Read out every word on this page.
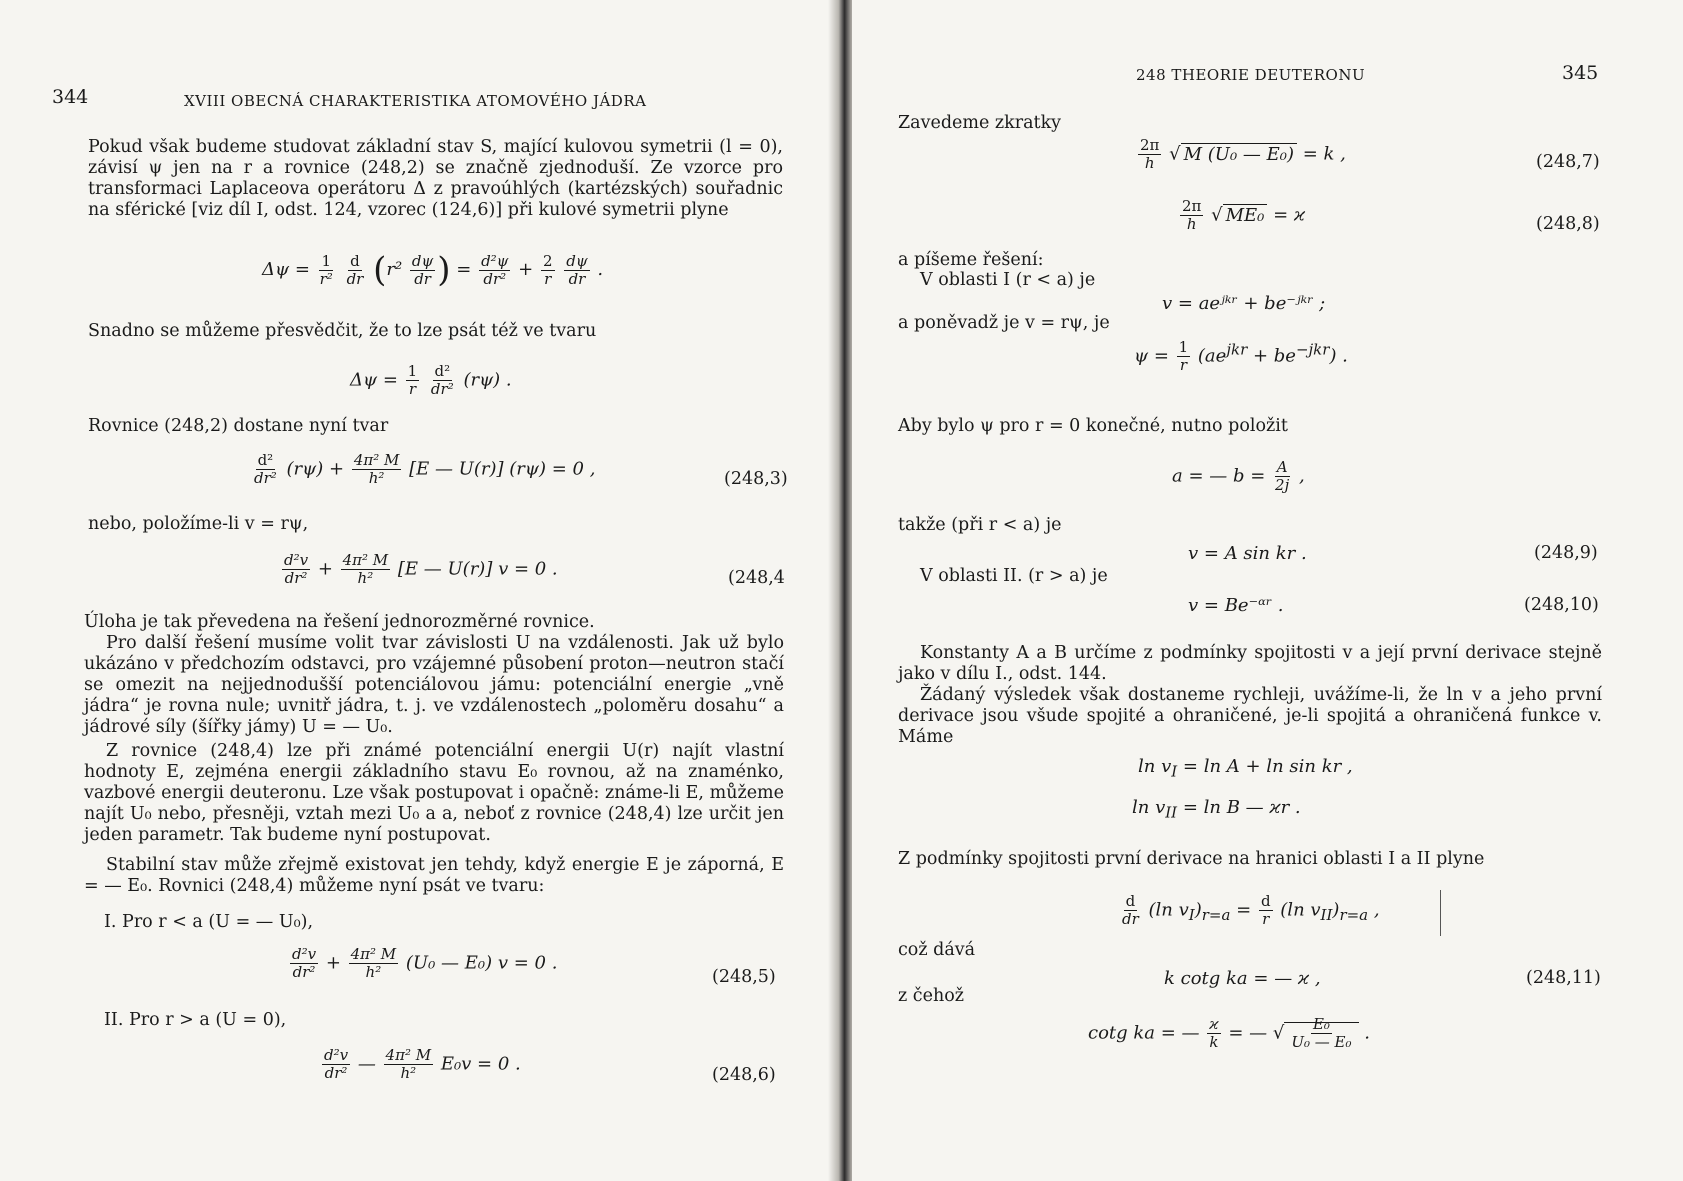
344	XVIII OBECNÁ CHARAKTERISTIKA ATOMOVÉHO JÁDRA
Pokud však budeme studovat základní stav S, mající kulovou symetrii (l = 0), závisí ψ jen na r a rovnice (248,2) se značně zjednoduší. Ze vzorce pro transformaci Laplaceova operátoru Δ z pravoúhlých (kartézských) souřadnic na sférické [viz díl I, odst. 124, vzorec (124,6)] při kulové symetrii plyne
$\Delta\psi = \frac{1}{\text{r²}}$
$\frac{d}{dr} (r^2 \frac{d\psi}{dr}$ ) = $\frac{\text{d²ψ}}{\text{dr²}} + \frac{2}{r}$
$\frac{d\psi}{dr}$ .
Snadno se můžeme přesvědčit, že to lze psát též ve tvaru
$\Delta\psi = \frac{1}{r}$
$\frac{\text{d²}}{\text{dr²}} (r\psi)$ .
Rovnice (248,2) dostane nyní tvar
$\frac{\text{d²}}{\text{dr²}} (r\psi) + \frac{\text{4π² M}}{\text{h²}} [E$ — U(r)] (rψ) = 0 ,	(248,3)
nebo, položíme-li v = rψ,
$\frac{\text{d²v}}{\text{dr²}} + \frac{\text{4π² M}}{\text{h²}} [E$ — U(r)] v = 0 .	(248,4
Úloha je tak převedena na řešení jednorozměrné rovnice.
Pro další řešení musíme volit tvar závislosti U na vzdálenosti. Jak už bylo ukázáno v předchozím odstavci, pro vzájemné působení proton—neutron stačí se omezit na nejjednodušší potenciálovou jámu: potenciální energie „vně jádra“ je rovna nule; uvnitř jádra, t. j. ve vzdálenostech „poloměru dosahu“ a jádrové síly (šířky jámy) U = — U₀.
Z rovnice (248,4) lze při známé potenciální energii U(r) najít vlastní hodnoty E, zejména energii základního stavu E₀ rovnou, až na znaménko, vazbové energii deuteronu. Lze však postupovat i opačně: známe-li E, můžeme najít U₀ nebo, přesněji, vztah mezi U₀ a a, neboť z rovnice (248,4) lze určit jen jeden parametr. Tak budeme nyní postupovat.
Stabilní stav může zřejmě existovat jen tehdy, když energie E je záporná, E = — E₀. Rovnici (248,4) můžeme nyní psát ve tvaru:
I. Pro r < a (U = — U₀),
$\frac{\text{d²v}}{\text{dr²}} + \frac{\text{4π² M}}{\text{h²}} (U_0$ — E₀) v = 0 .
(248,5)
II. Pro r > a (U = 0),
$\frac{\text{d²v}}{\text{dr²}}$ — $\frac{\text{4π² M}}{\text{h²}} E_0v = 0$ .
(248,6)
248 THEORIE DEUTERONU	345
Zavedeme zkratky
$\frac{2\pi}{h}$ √ M (U₀ — E₀) = k ,	(248,7)
$\frac{2\pi}{h}$ √ ME₀ = ϰ	(248,8)
a píšeme řešení:
V oblasti I (r < a) je
v = aeʲᵏʳ + be⁻ʲᵏʳ ;
a poněvadž je v = rψ, je
$\psi = \frac{1}{r} (ae^{jkr} + be^{-jkr})$ .
Aby bylo ψ pro r = 0 konečné, nutno položit
a = — $b = \frac{A}{2j}$ ,
takže (při r < a) je
v = A sin kr .	(248,9)
V oblasti II. (r > a) je
v = Be⁻ᵅʳ .	(248,10)
Konstanty A a B určíme z podmínky spojitosti v a její první derivace stejně jako v dílu I., odst. 144.
Žádaný výsledek však dostaneme rychleji, uvážíme-li, že ln v a jeho první derivace jsou všude spojité a ohraničené, je-li spojitá a ohraničená funkce v. Máme
$\ln v_I = \ln A + \ln \sin$ kr ,
$\ln v_{II} = \ln B$ — ϰr .
Z podmínky spojitosti první derivace na hranici oblasti I a II plyne
$\frac{d}{dr} (\ln$ $v_I)_{r=a} = \frac{d}{r} (\ln$ $v_{II})_{r=a}$ ,
což dává
k cotg ka = — ϰ ,	(248,11)
z čehož
cotg ka = — $\frac{ϰ}{k}$ = — √ $\frac{\text{E₀}}{\text{U₀ — E₀}}$ .
